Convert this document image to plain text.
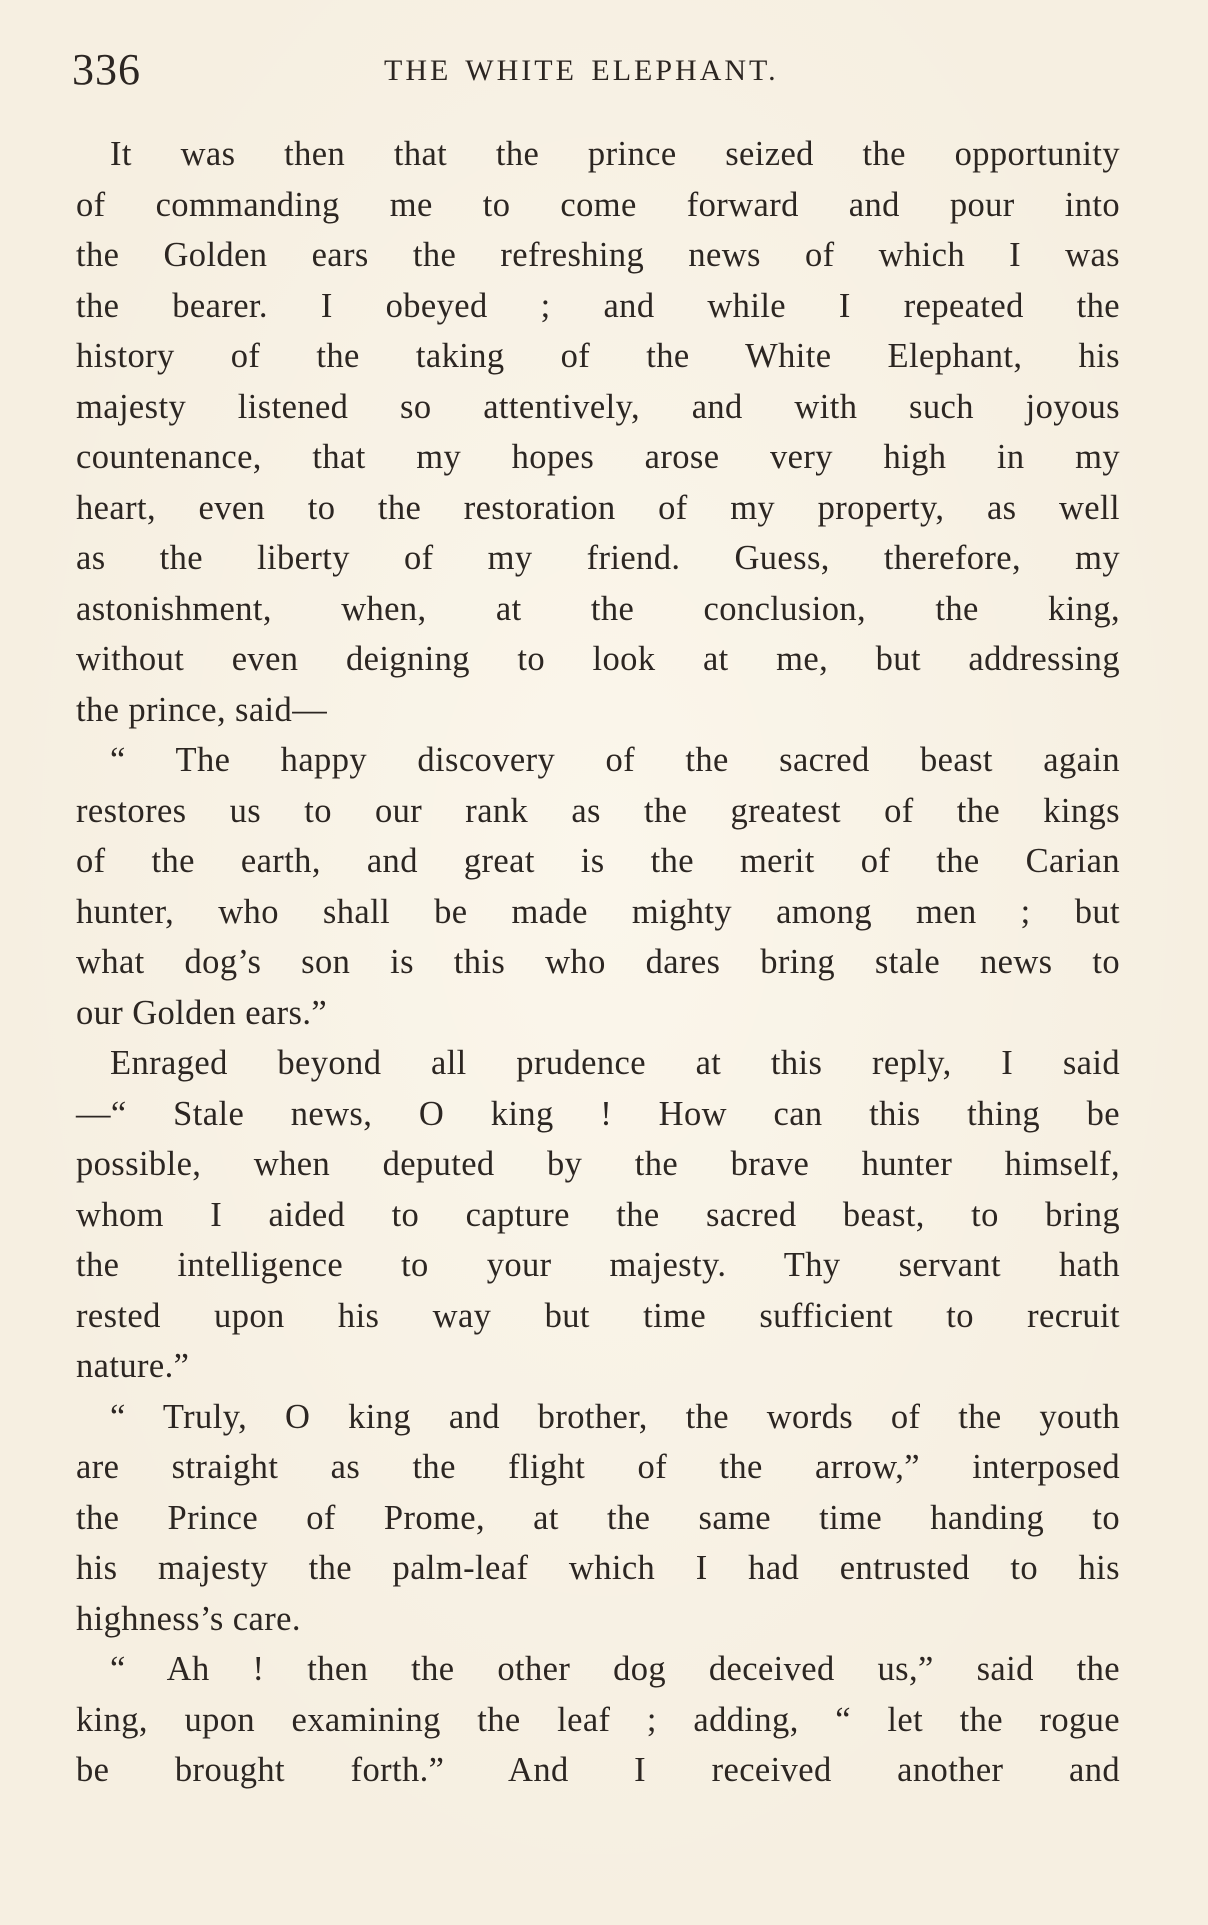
336	THE WHITE ELEPHANT.
It was then that the prince seized the opportunity
of commanding me to come forward and pour into
the Golden ears the refreshing news of which I was
the bearer. I obeyed ; and while I repeated the
history of the taking of the White Elephant, his
majesty listened so attentively, and with such joyous
countenance, that my hopes arose very high in my
heart, even to the restoration of my property, as well
as the liberty of my friend. Guess, therefore, my
astonishment, when, at the conclusion, the king,
without even deigning to look at me, but addressing
the prince, said—
“ The happy discovery of the sacred beast again
restores us to our rank as the greatest of the kings
of the earth, and great is the merit of the Carian
hunter, who shall be made mighty among men ; but
what dog’s son is this who dares bring stale news to
our Golden ears.”
Enraged beyond all prudence at this reply, I said
—“ Stale news, O king ! How can this thing be
possible, when deputed by the brave hunter himself,
whom I aided to capture the sacred beast, to bring
the intelligence to your majesty. Thy servant hath
rested upon his way but time sufficient to recruit
nature.”
“ Truly, O king and brother, the words of the youth
are straight as the flight of the arrow,” interposed
the Prince of Prome, at the same time handing to
his majesty the palm-leaf which I had entrusted to his
highness’s care.
“ Ah ! then the other dog deceived us,” said the
king, upon examining the leaf ; adding, “ let the rogue
be brought forth.” And I received another and
